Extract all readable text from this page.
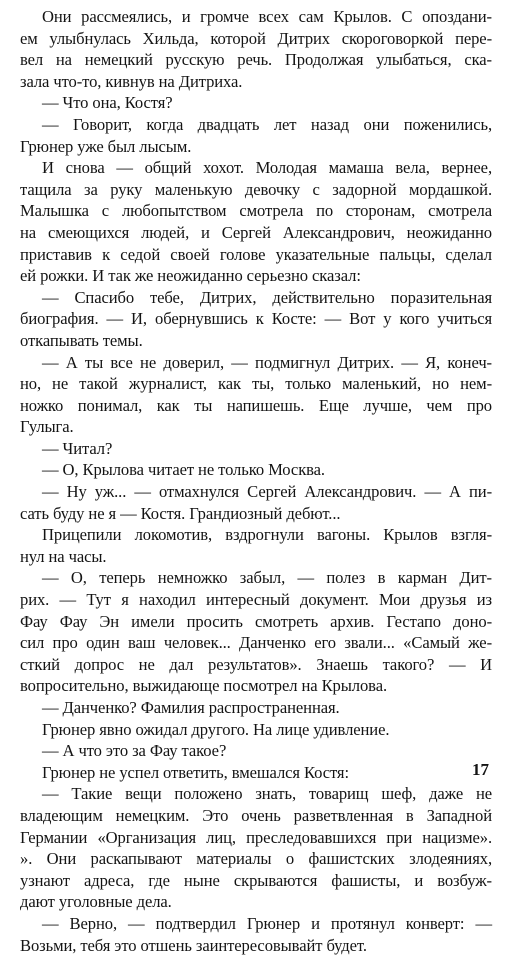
Они рассмеялись, и громче всех сам Крылов. С опоздани-
ем улыбнулась Хильда, которой Дитрих скороговоркой пере-
вел на немецкий русскую речь. Продолжая улыбаться, ска-
зала что-то, кивнув на Дитриха.
— Что она, Костя?
— Говорит, когда двадцать лет назад они поженились,
Грюнер уже был лысым.
И снова — общий хохот. Молодая мамаша вела, вернее,
тащила за руку маленькую девочку с задорной мордашкой.
Малышка с любопытством смотрела по сторонам, смотрела
на смеющихся людей, и Сергей Александрович, неожиданно
приставив к седой своей голове указательные пальцы, сделал
ей рожки. И так же неожиданно серьезно сказал:
— Спасибо тебе, Дитрих, действительно поразительная
биография. — И, обернувшись к Косте: — Вот у кого учиться
откапывать темы.
— А ты все не доверил, — подмигнул Дитрих. — Я, конеч-
но, не такой журналист, как ты, только маленький, но нем-
ножко понимал, как ты напишешь. Еще лучше, чем про
Гулыга.
— Читал?
— О, Крылова читает не только Москва.
— Ну уж... — отмахнулся Сергей Александрович. — А пи-
сать буду не я — Костя. Грандиозный дебют...
Прицепили локомотив, вздрогнули вагоны. Крылов взгля-
нул на часы.
— О, теперь немножко забыл, — полез в карман Дит-
рих. — Тут я находил интересный документ. Мои друзья из
Фау Фау Эн имели просить смотреть архив. Гестапо доно-
сил про один ваш человек... Данченко его звали... «Самый же-
сткий допрос не дал результатов». Знаешь такого? — И
вопросительно, выжидающе посмотрел на Крылова.
— Данченко? Фамилия распространенная.
Грюнер явно ожидал другого. На лице удивление.
— А что это за Фау такое?
Грюнер не успел ответить, вмешался Костя:
— Такие вещи положено знать, товарищ шеф, даже не
владеющим немецким. Это очень разветвленная в Западной
Германии «Организация лиц, преследовавшихся при нацизме».
». Они раскапывают материалы о фашистских злодеяниях,
узнают адреса, где ныне скрываются фашисты, и возбуж-
дают уголовные дела.
— Верно, — подтвердил Грюнер и протянул конверт: —
Возьми, тебя это отшень заинтересовывайт будет.
17
